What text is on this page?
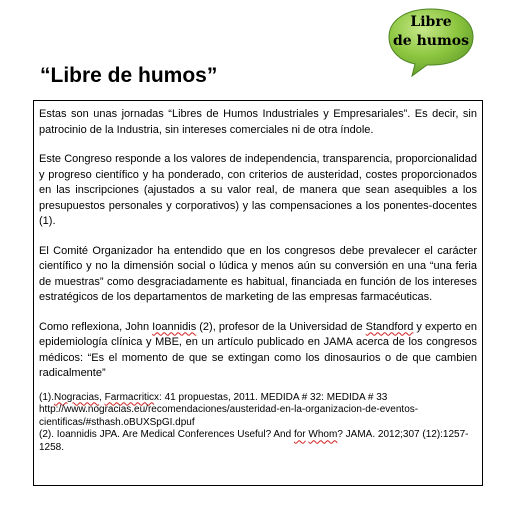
Libre
de humos
“Libre de humos”

Estas son unas jornadas “Libres de Humos Industriales y Empresariales”. Es decir, sin patrocinio de la Industria, sin intereses comerciales ni de otra índole.

Este Congreso responde a los valores de independencia, transparencia, proporcionalidad y progreso científico y ha ponderado, con criterios de austeridad, costes proporcionados en las inscripciones (ajustados a su valor real, de manera que sean asequibles a los presupuestos personales y corporativos) y las compensaciones a los ponentes-docentes (1).

El Comité Organizador ha entendido que en los congresos debe prevalecer el carácter científico y no la dimensión social o lúdica y menos aún su conversión en una “una feria de muestras” como desgraciadamente es habitual, financiada en función de los intereses estratégicos de los departamentos de marketing de las empresas farmacéuticas.

Como reflexiona, John Ioannidis (2), profesor de la Universidad de Standford y experto en epidemiología clínica y MBE, en un artículo publicado en JAMA acerca de los congresos médicos: “Es el momento de que se extingan como los dinosaurios o de que cambien radicalmente”

(1).Nogracias, Farmacriticx: 41 propuestas, 2011. MEDIDA # 32: MEDIDA # 33

http://www.nogracias.eu/recomendaciones/austeridad-en-la-organizacion-de-eventos-

cientificas/#sthash.oBUXSpGI.dpuf

(2). Ioannidis JPA. Are Medical Conferences Useful? And for Whom? JAMA. 2012;307 (12):1257-1258.
